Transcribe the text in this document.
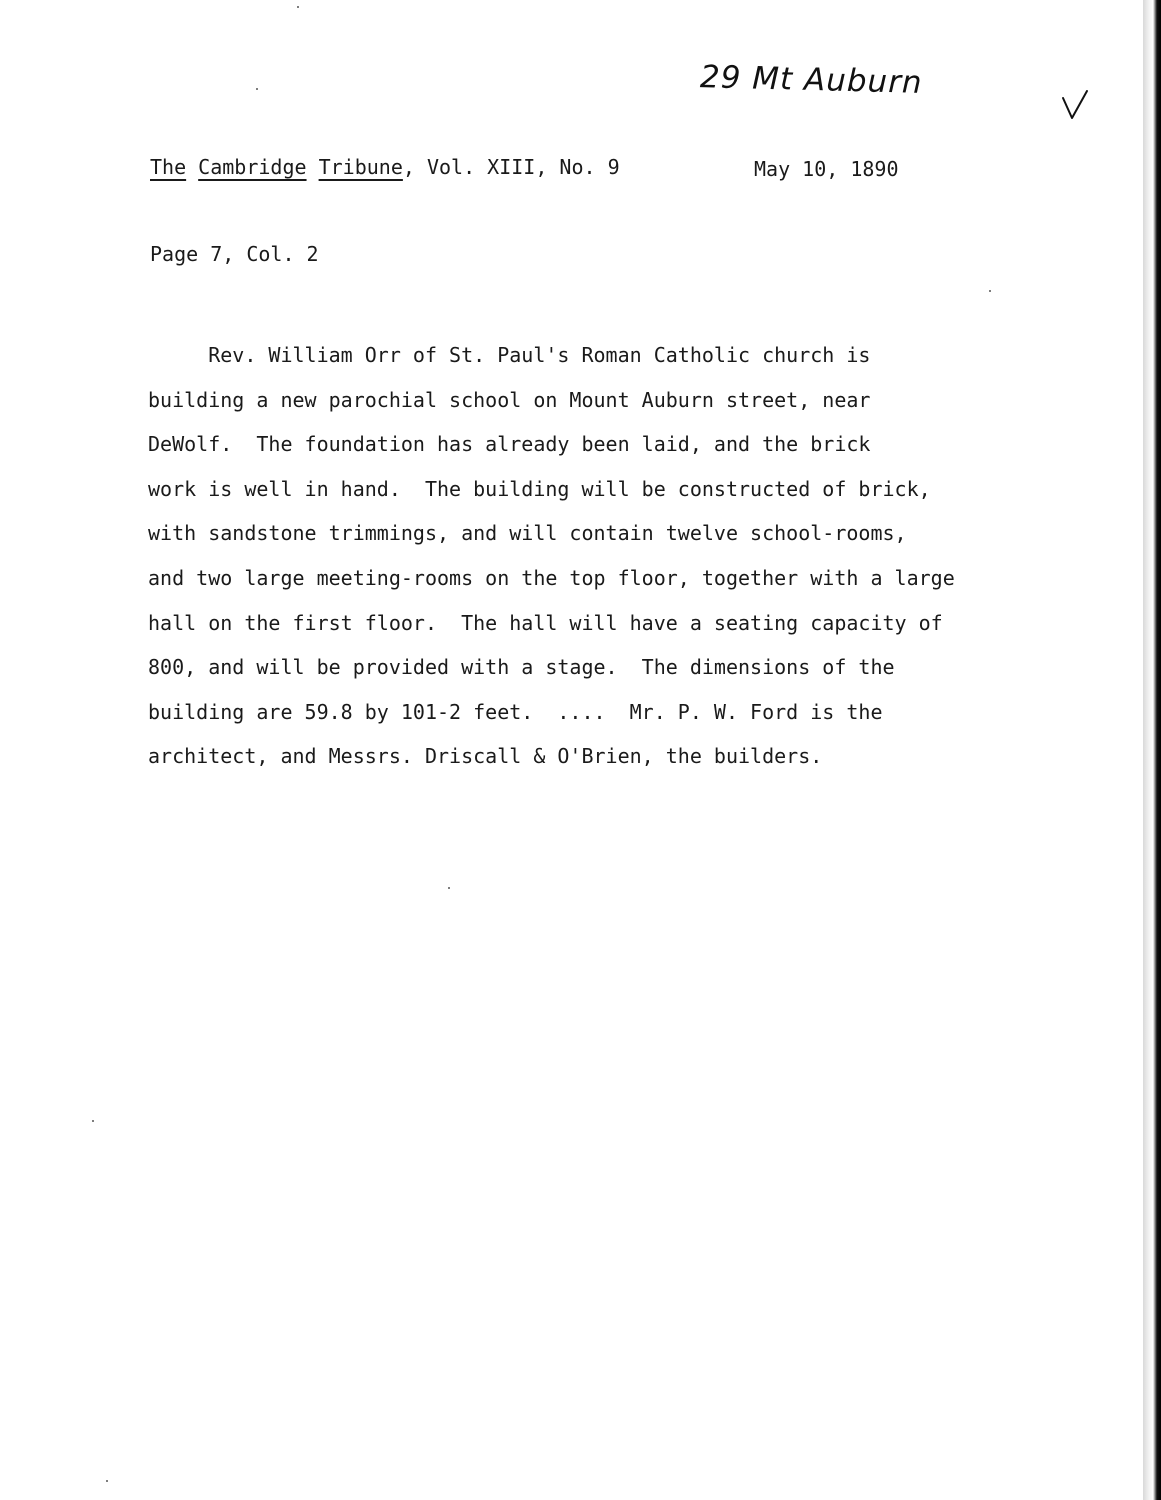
29 Mt Auburn
The Cambridge Tribune, Vol. XIII, No. 9	May 10, 1890
Page 7, Col. 2
Rev. William Orr of St. Paul's Roman Catholic church is
building a new parochial school on Mount Auburn street, near
DeWolf.  The foundation has already been laid, and the brick
work is well in hand.  The building will be constructed of brick,
with sandstone trimmings, and will contain twelve school-rooms,
and two large meeting-rooms on the top floor, together with a large
hall on the first floor.  The hall will have a seating capacity of
800, and will be provided with a stage.  The dimensions of the
building are 59.8 by 101-2 feet.  ....  Mr. P. W. Ford is the
architect, and Messrs. Driscall & O'Brien, the builders.
